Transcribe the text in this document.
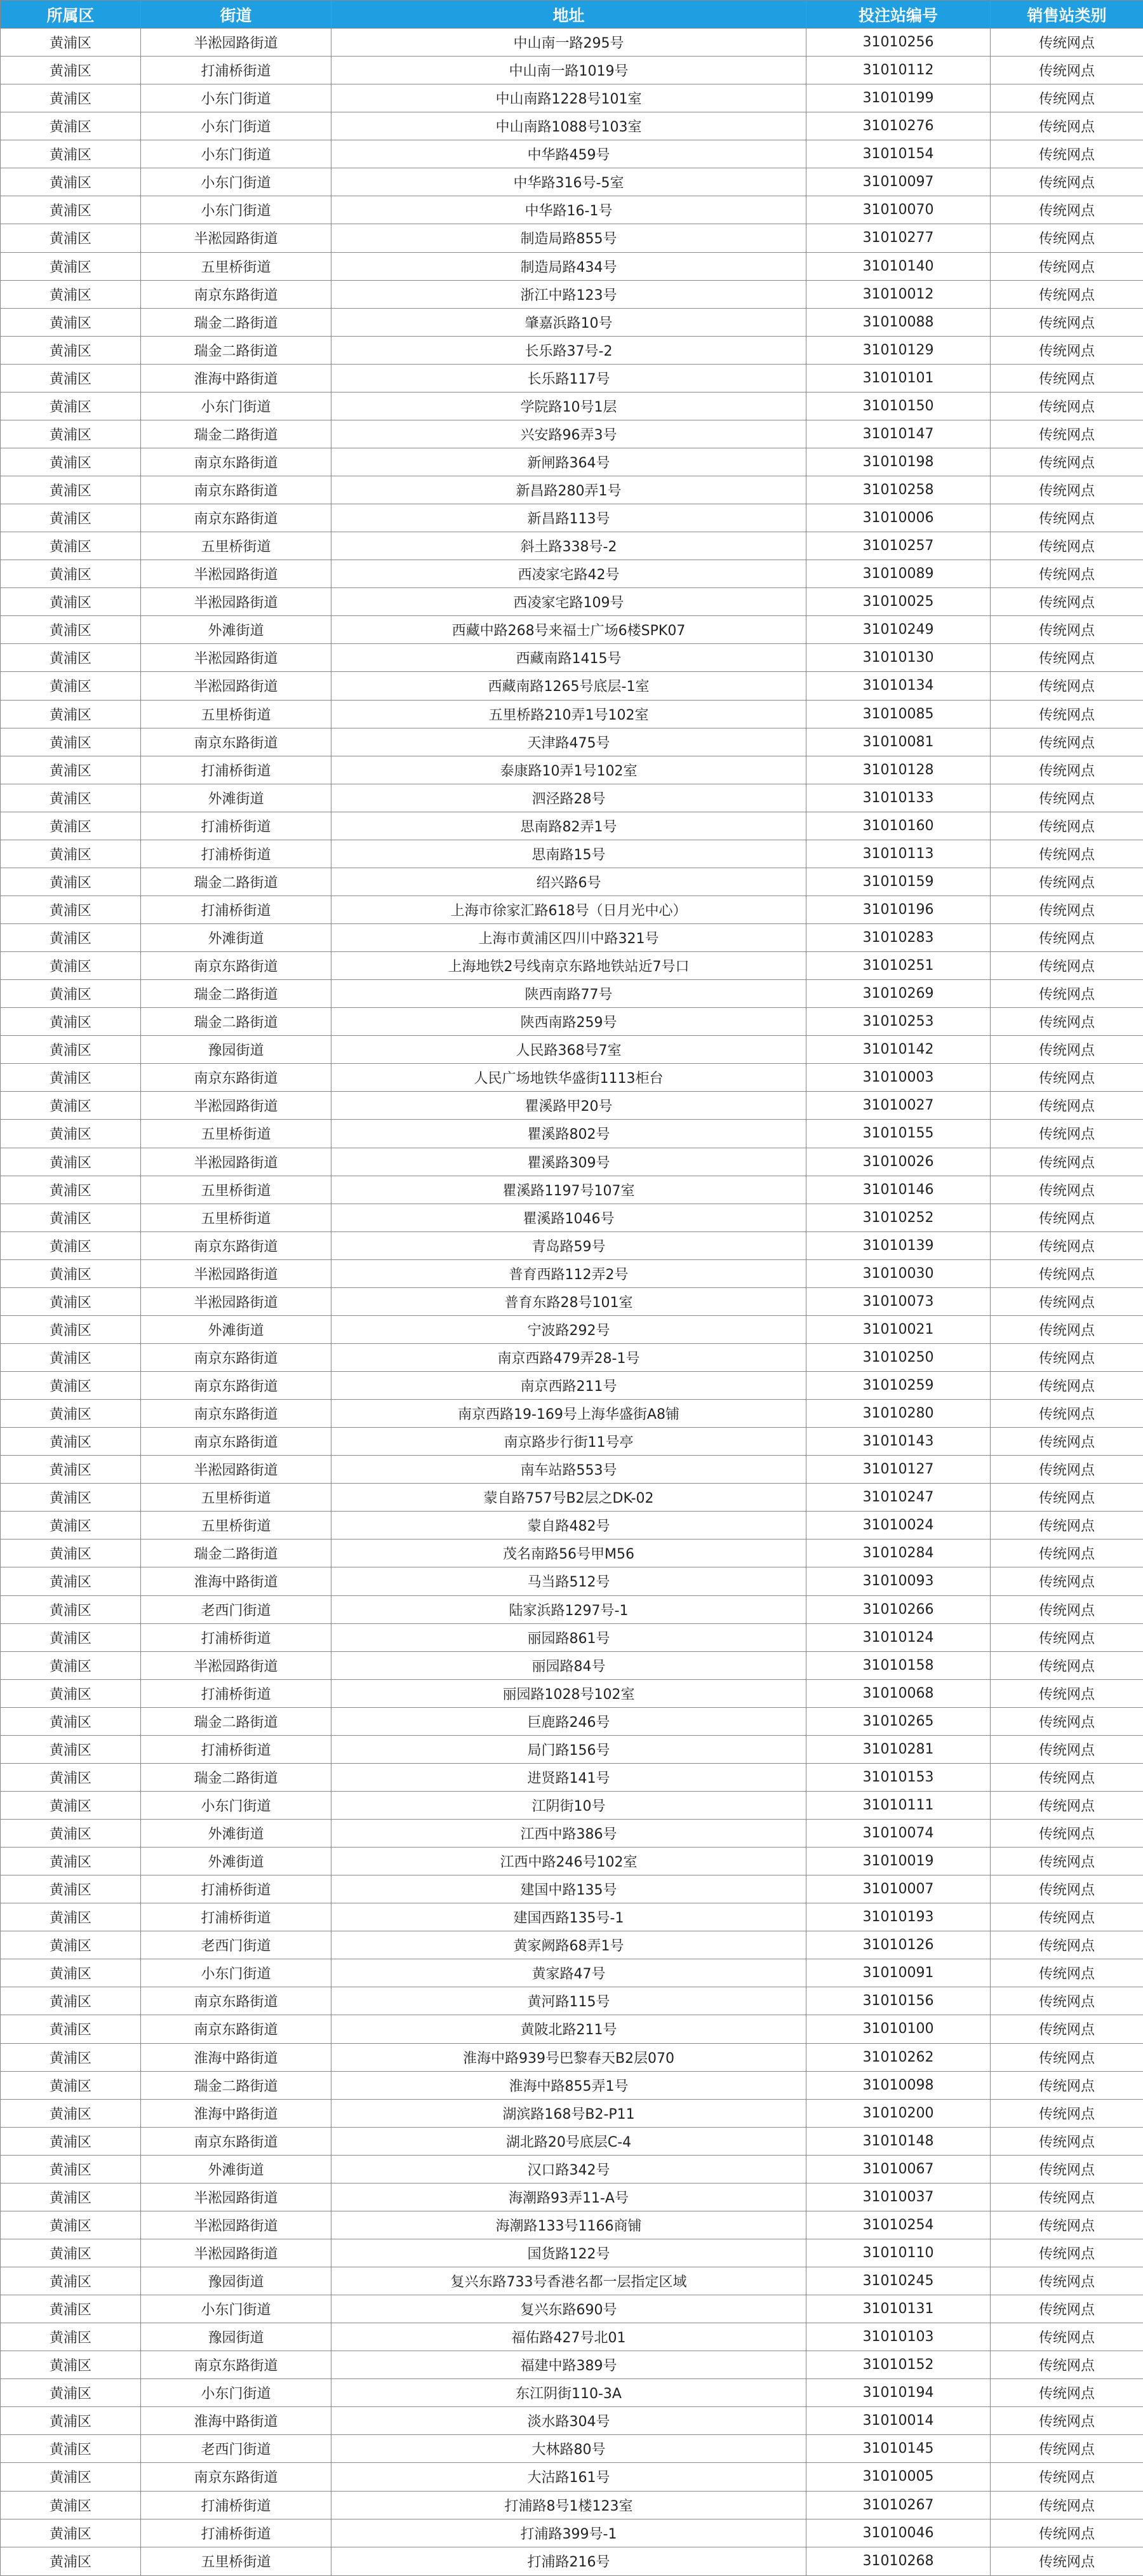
所属区	街道	地址	投注站编号	销售站类别
黄浦区	半淞园路街道	中山南一路295号	31010256	传统网点
黄浦区	打浦桥街道	中山南一路1019号	31010112	传统网点
黄浦区	小东门街道	中山南路1228号101室	31010199	传统网点
黄浦区	小东门街道	中山南路1088号103室	31010276	传统网点
黄浦区	小东门街道	中华路459号	31010154	传统网点
黄浦区	小东门街道	中华路316号-5室	31010097	传统网点
黄浦区	小东门街道	中华路16-1号	31010070	传统网点
黄浦区	半淞园路街道	制造局路855号	31010277	传统网点
黄浦区	五里桥街道	制造局路434号	31010140	传统网点
黄浦区	南京东路街道	浙江中路123号	31010012	传统网点
黄浦区	瑞金二路街道	肇嘉浜路10号	31010088	传统网点
黄浦区	瑞金二路街道	长乐路37号-2	31010129	传统网点
黄浦区	淮海中路街道	长乐路117号	31010101	传统网点
黄浦区	小东门街道	学院路10号1层	31010150	传统网点
黄浦区	瑞金二路街道	兴安路96弄3号	31010147	传统网点
黄浦区	南京东路街道	新闸路364号	31010198	传统网点
黄浦区	南京东路街道	新昌路280弄1号	31010258	传统网点
黄浦区	南京东路街道	新昌路113号	31010006	传统网点
黄浦区	五里桥街道	斜土路338号-2	31010257	传统网点
黄浦区	半淞园路街道	西凌家宅路42号	31010089	传统网点
黄浦区	半淞园路街道	西凌家宅路109号	31010025	传统网点
黄浦区	外滩街道	西藏中路268号来福士广场6楼SPK07	31010249	传统网点
黄浦区	半淞园路街道	西藏南路1415号	31010130	传统网点
黄浦区	半淞园路街道	西藏南路1265号底层-1室	31010134	传统网点
黄浦区	五里桥街道	五里桥路210弄1号102室	31010085	传统网点
黄浦区	南京东路街道	天津路475号	31010081	传统网点
黄浦区	打浦桥街道	泰康路10弄1号102室	31010128	传统网点
黄浦区	外滩街道	泗泾路28号	31010133	传统网点
黄浦区	打浦桥街道	思南路82弄1号	31010160	传统网点
黄浦区	打浦桥街道	思南路15号	31010113	传统网点
黄浦区	瑞金二路街道	绍兴路6号	31010159	传统网点
黄浦区	打浦桥街道	上海市徐家汇路618号（日月光中心）	31010196	传统网点
黄浦区	外滩街道	上海市黄浦区四川中路321号	31010283	传统网点
黄浦区	南京东路街道	上海地铁2号线南京东路地铁站近7号口	31010251	传统网点
黄浦区	瑞金二路街道	陕西南路77号	31010269	传统网点
黄浦区	瑞金二路街道	陕西南路259号	31010253	传统网点
黄浦区	豫园街道	人民路368号7室	31010142	传统网点
黄浦区	南京东路街道	人民广场地铁华盛街1113柜台	31010003	传统网点
黄浦区	半淞园路街道	瞿溪路甲20号	31010027	传统网点
黄浦区	五里桥街道	瞿溪路802号	31010155	传统网点
黄浦区	半淞园路街道	瞿溪路309号	31010026	传统网点
黄浦区	五里桥街道	瞿溪路1197号107室	31010146	传统网点
黄浦区	五里桥街道	瞿溪路1046号	31010252	传统网点
黄浦区	南京东路街道	青岛路59号	31010139	传统网点
黄浦区	半淞园路街道	普育西路112弄2号	31010030	传统网点
黄浦区	半淞园路街道	普育东路28号101室	31010073	传统网点
黄浦区	外滩街道	宁波路292号	31010021	传统网点
黄浦区	南京东路街道	南京西路479弄28-1号	31010250	传统网点
黄浦区	南京东路街道	南京西路211号	31010259	传统网点
黄浦区	南京东路街道	南京西路19-169号上海华盛街A8铺	31010280	传统网点
黄浦区	南京东路街道	南京路步行街11号亭	31010143	传统网点
黄浦区	半淞园路街道	南车站路553号	31010127	传统网点
黄浦区	五里桥街道	蒙自路757号B2层之DK-02	31010247	传统网点
黄浦区	五里桥街道	蒙自路482号	31010024	传统网点
黄浦区	瑞金二路街道	茂名南路56号甲M56	31010284	传统网点
黄浦区	淮海中路街道	马当路512号	31010093	传统网点
黄浦区	老西门街道	陆家浜路1297号-1	31010266	传统网点
黄浦区	打浦桥街道	丽园路861号	31010124	传统网点
黄浦区	半淞园路街道	丽园路84号	31010158	传统网点
黄浦区	打浦桥街道	丽园路1028号102室	31010068	传统网点
黄浦区	瑞金二路街道	巨鹿路246号	31010265	传统网点
黄浦区	打浦桥街道	局门路156号	31010281	传统网点
黄浦区	瑞金二路街道	进贤路141号	31010153	传统网点
黄浦区	小东门街道	江阴街10号	31010111	传统网点
黄浦区	外滩街道	江西中路386号	31010074	传统网点
黄浦区	外滩街道	江西中路246号102室	31010019	传统网点
黄浦区	打浦桥街道	建国中路135号	31010007	传统网点
黄浦区	打浦桥街道	建国西路135号-1	31010193	传统网点
黄浦区	老西门街道	黄家阙路68弄1号	31010126	传统网点
黄浦区	小东门街道	黄家路47号	31010091	传统网点
黄浦区	南京东路街道	黄河路115号	31010156	传统网点
黄浦区	南京东路街道	黄陂北路211号	31010100	传统网点
黄浦区	淮海中路街道	淮海中路939号巴黎春天B2层070	31010262	传统网点
黄浦区	瑞金二路街道	淮海中路855弄1号	31010098	传统网点
黄浦区	淮海中路街道	湖滨路168号B2-P11	31010200	传统网点
黄浦区	南京东路街道	湖北路20号底层C-4	31010148	传统网点
黄浦区	外滩街道	汉口路342号	31010067	传统网点
黄浦区	半淞园路街道	海潮路93弄11-A号	31010037	传统网点
黄浦区	半淞园路街道	海潮路133号1166商铺	31010254	传统网点
黄浦区	半淞园路街道	国货路122号	31010110	传统网点
黄浦区	豫园街道	复兴东路733号香港名都一层指定区域	31010245	传统网点
黄浦区	小东门街道	复兴东路690号	31010131	传统网点
黄浦区	豫园街道	福佑路427号北01	31010103	传统网点
黄浦区	南京东路街道	福建中路389号	31010152	传统网点
黄浦区	小东门街道	东江阴街110-3A	31010194	传统网点
黄浦区	淮海中路街道	淡水路304号	31010014	传统网点
黄浦区	老西门街道	大林路80号	31010145	传统网点
黄浦区	南京东路街道	大沽路161号	31010005	传统网点
黄浦区	打浦桥街道	打浦路8号1楼123室	31010267	传统网点
黄浦区	打浦桥街道	打浦路399号-1	31010046	传统网点
黄浦区	五里桥街道	打浦路216号	31010268	传统网点
